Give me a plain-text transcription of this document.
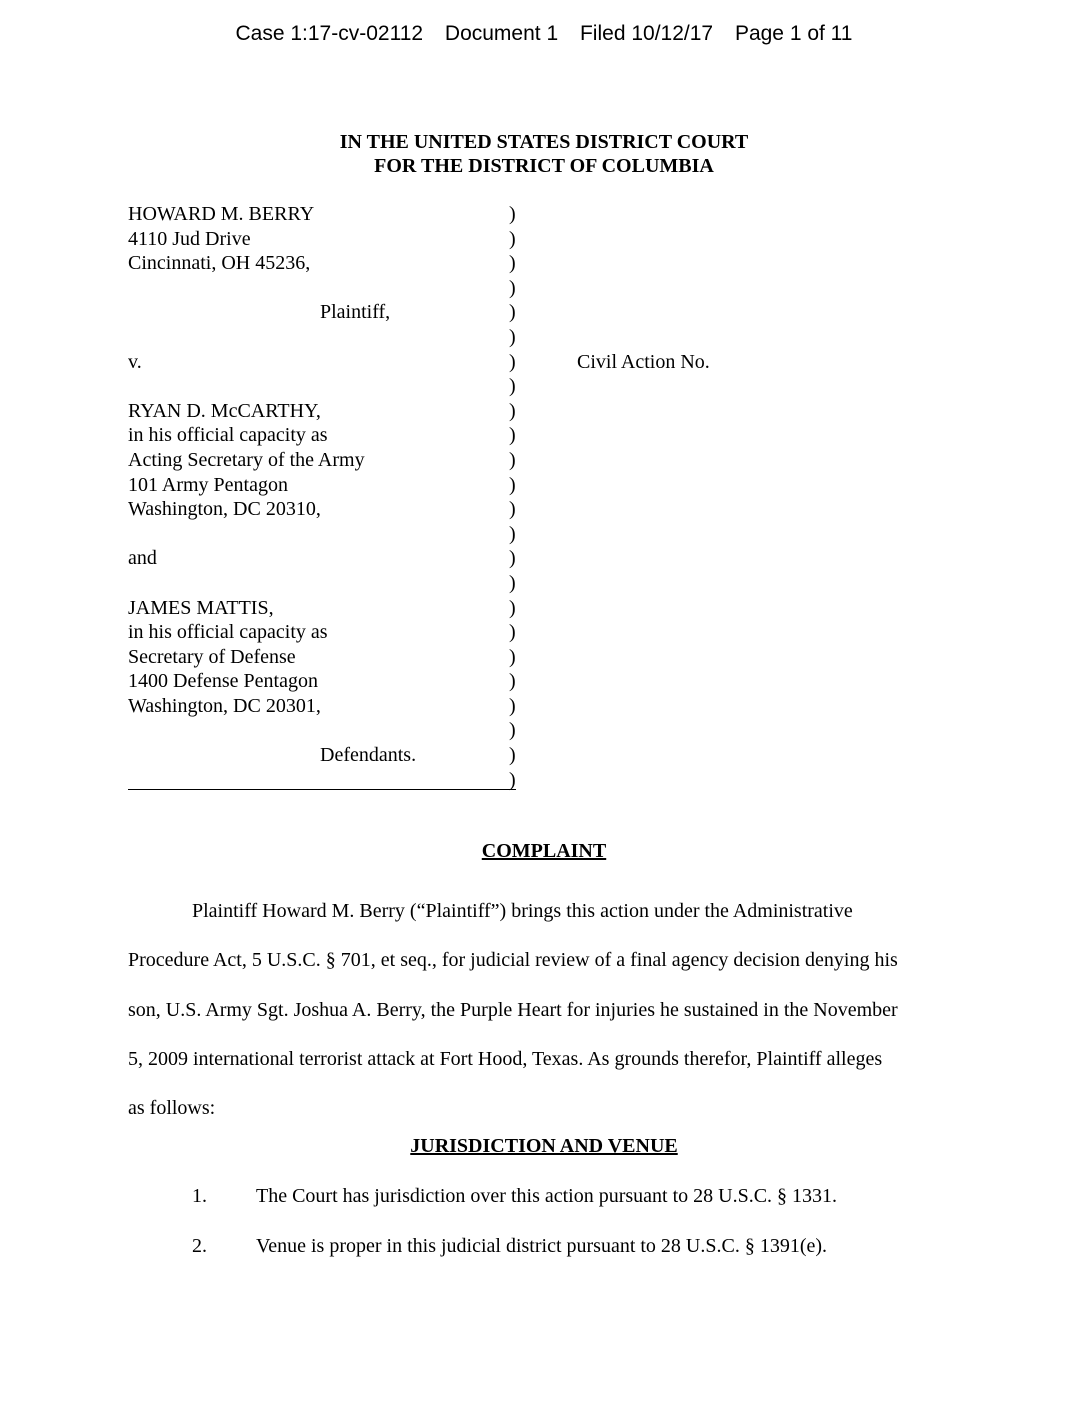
Case 1:17-cv-02112 Document 1 Filed 10/12/17 Page 1 of 11
IN THE UNITED STATES DISTRICT COURT
FOR THE DISTRICT OF COLUMBIA
HOWARD M. BERRY
4110 Jud Drive
Cincinnati, OH 45236,
Plaintiff,
v.
RYAN D. McCARTHY,
in his official capacity as
Acting Secretary of the Army
101 Army Pentagon
Washington, DC 20310,
and
JAMES MATTIS,
in his official capacity as
Secretary of Defense
1400 Defense Pentagon
Washington, DC 20301,
Defendants.
)
)
)
)
)
)
)
)
)
)
)
)
)
)
)
)
)
)
)
)
)
)
)
)
Civil Action No.
COMPLAINT
Plaintiff Howard M. Berry (“Plaintiff”) brings this action under the Administrative
Procedure Act, 5 U.S.C. § 701, et seq., for judicial review of a final agency decision denying his
son, U.S. Army Sgt. Joshua A. Berry, the Purple Heart for injuries he sustained in the November
5, 2009 international terrorist attack at Fort Hood, Texas. As grounds therefor, Plaintiff alleges
as follows:
JURISDICTION AND VENUE
1. The Court has jurisdiction over this action pursuant to 28 U.S.C. § 1331.
2. Venue is proper in this judicial district pursuant to 28 U.S.C. § 1391(e).
